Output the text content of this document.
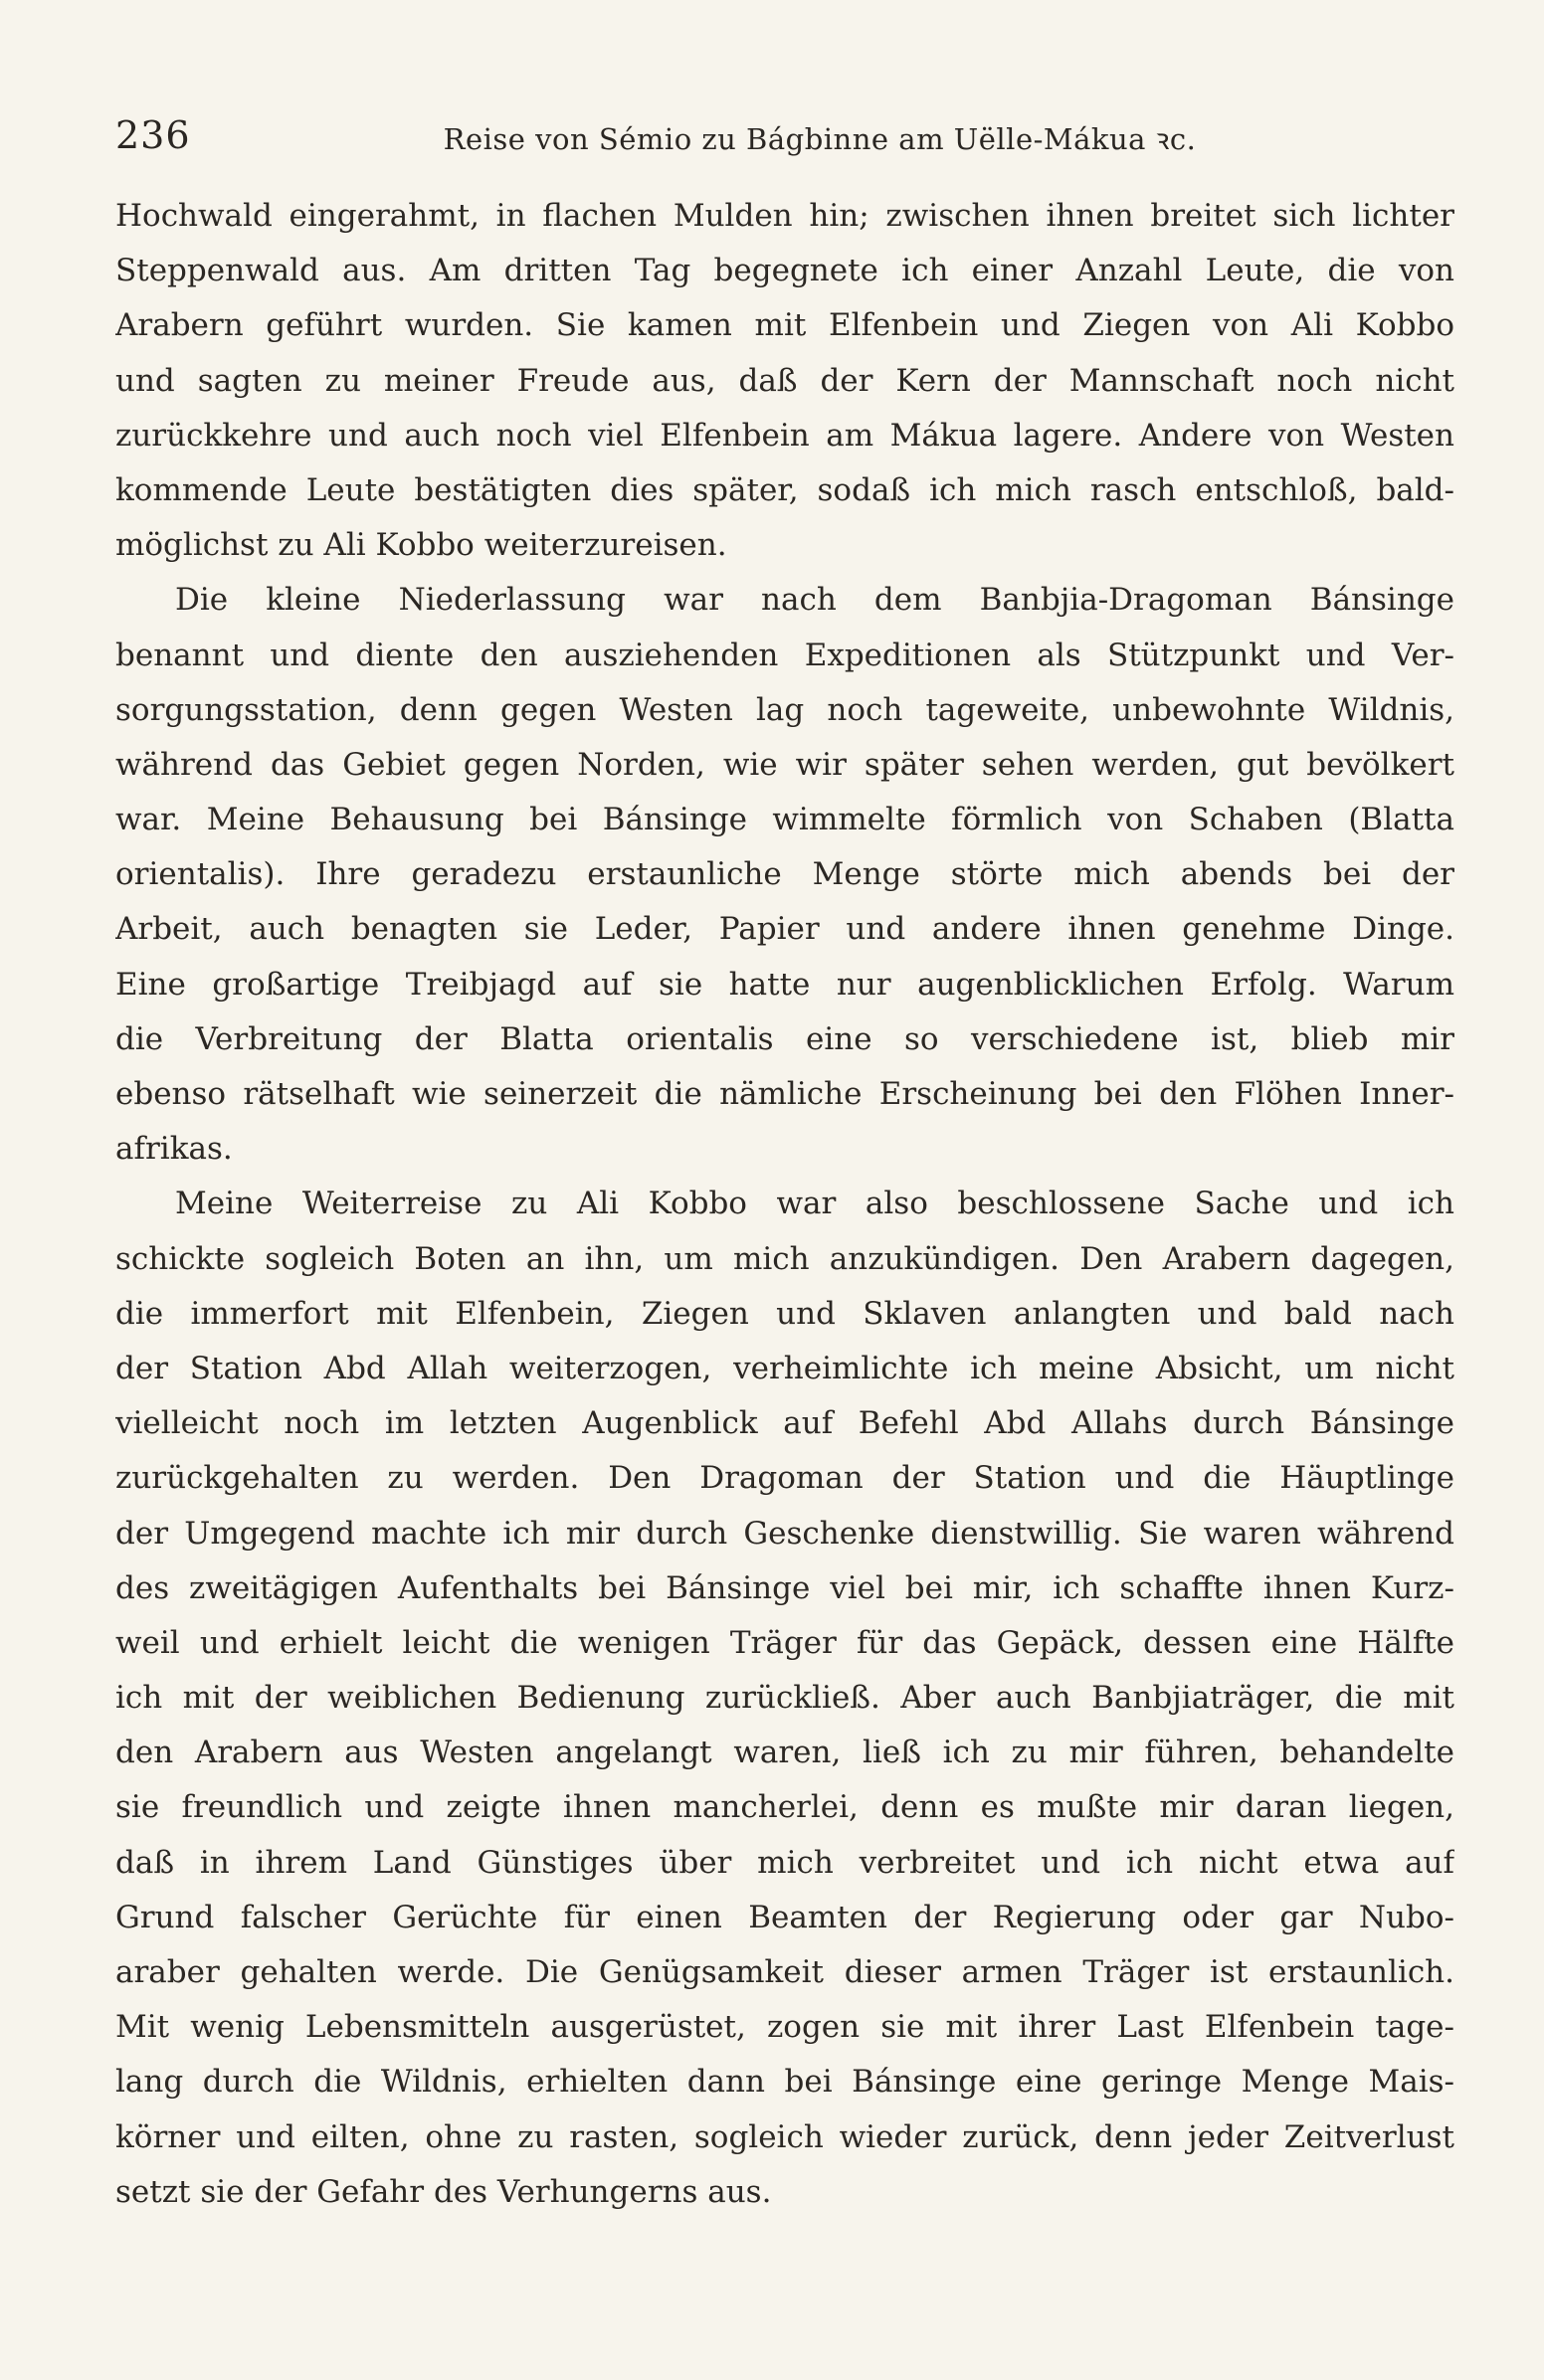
236	Reise von Sémio zu Bágbinne am Uëlle-Mákua ꝛc.
Hochwald eingerahmt, in flachen Mulden hin; zwischen ihnen breitet sich lichter
Steppenwald aus. Am dritten Tag begegnete ich einer Anzahl Leute, die von
Arabern geführt wurden. Sie kamen mit Elfenbein und Ziegen von Ali Kobbo
und sagten zu meiner Freude aus, daß der Kern der Mannschaft noch nicht
zurückkehre und auch noch viel Elfenbein am Mákua lagere. Andere von Westen
kommende Leute bestätigten dies später, sodaß ich mich rasch entschloß, bald-
möglichst zu Ali Kobbo weiterzureisen.
Die kleine Niederlassung war nach dem Banbjia-Dragoman Bánsinge
benannt und diente den ausziehenden Expeditionen als Stützpunkt und Ver-
sorgungsstation, denn gegen Westen lag noch tageweite, unbewohnte Wildnis,
während das Gebiet gegen Norden, wie wir später sehen werden, gut bevölkert
war. Meine Behausung bei Bánsinge wimmelte förmlich von Schaben (Blatta
orientalis). Ihre geradezu erstaunliche Menge störte mich abends bei der
Arbeit, auch benagten sie Leder, Papier und andere ihnen genehme Dinge.
Eine großartige Treibjagd auf sie hatte nur augenblicklichen Erfolg. Warum
die Verbreitung der Blatta orientalis eine so verschiedene ist, blieb mir
ebenso rätselhaft wie seinerzeit die nämliche Erscheinung bei den Flöhen Inner-
afrikas.
Meine Weiterreise zu Ali Kobbo war also beschlossene Sache und ich
schickte sogleich Boten an ihn, um mich anzukündigen. Den Arabern dagegen,
die immerfort mit Elfenbein, Ziegen und Sklaven anlangten und bald nach
der Station Abd Allah weiterzogen, verheimlichte ich meine Absicht, um nicht
vielleicht noch im letzten Augenblick auf Befehl Abd Allahs durch Bánsinge
zurückgehalten zu werden. Den Dragoman der Station und die Häuptlinge
der Umgegend machte ich mir durch Geschenke dienstwillig. Sie waren während
des zweitägigen Aufenthalts bei Bánsinge viel bei mir, ich schaffte ihnen Kurz-
weil und erhielt leicht die wenigen Träger für das Gepäck, dessen eine Hälfte
ich mit der weiblichen Bedienung zurückließ. Aber auch Banbjiaträger, die mit
den Arabern aus Westen angelangt waren, ließ ich zu mir führen, behandelte
sie freundlich und zeigte ihnen mancherlei, denn es mußte mir daran liegen,
daß in ihrem Land Günstiges über mich verbreitet und ich nicht etwa auf
Grund falscher Gerüchte für einen Beamten der Regierung oder gar Nubo-
araber gehalten werde. Die Genügsamkeit dieser armen Träger ist erstaunlich.
Mit wenig Lebensmitteln ausgerüstet, zogen sie mit ihrer Last Elfenbein tage-
lang durch die Wildnis, erhielten dann bei Bánsinge eine geringe Menge Mais-
körner und eilten, ohne zu rasten, sogleich wieder zurück, denn jeder Zeitverlust
setzt sie der Gefahr des Verhungerns aus.
